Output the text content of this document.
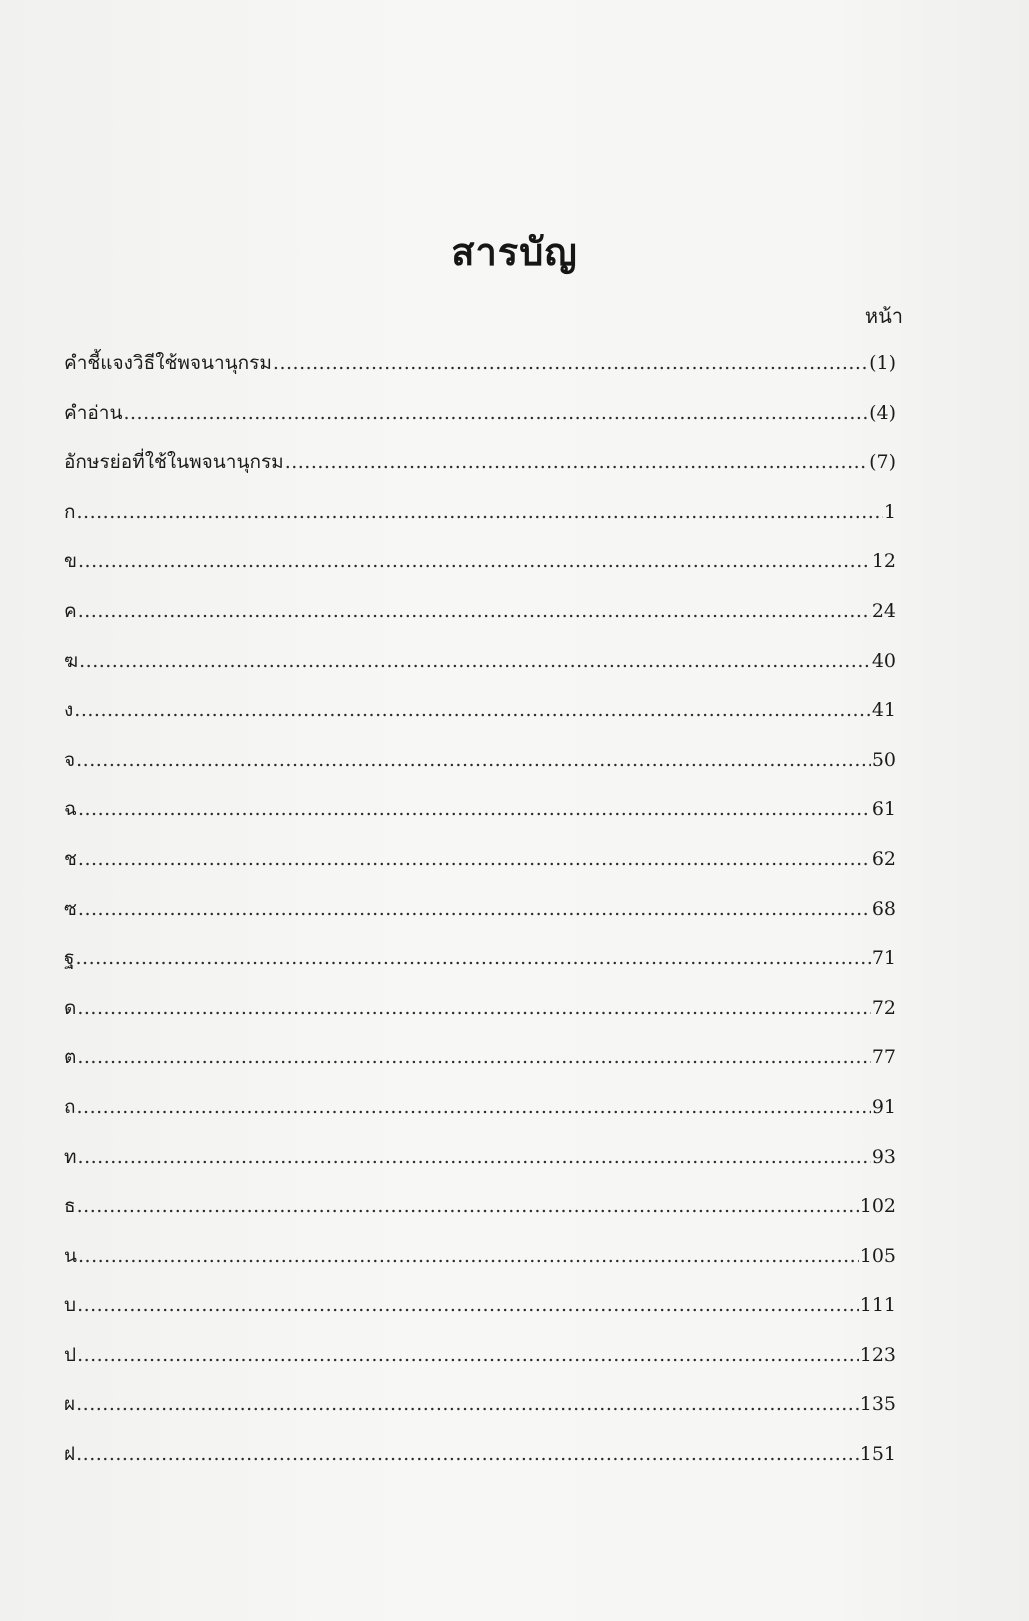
สารบัญ
หน้า
คำชี้แจงวิธีใช้พจนานุกรม .....	(1)
คำอ่าน .....	(4)
อักษรย่อที่ใช้ในพจนานุกรม .....	(7)
ก .....	1
ข .....	12
ค .....	24
ฆ .....	40
ง .....	41
จ .....	50
ฉ .....	61
ช .....	62
ซ .....	68
ฐ .....	71
ด .....	72
ต .....	77
ถ .....	91
ท .....	93
ธ .....	102
น .....	105
บ .....	111
ป .....	123
ผ .....	135
ฝ .....	151
